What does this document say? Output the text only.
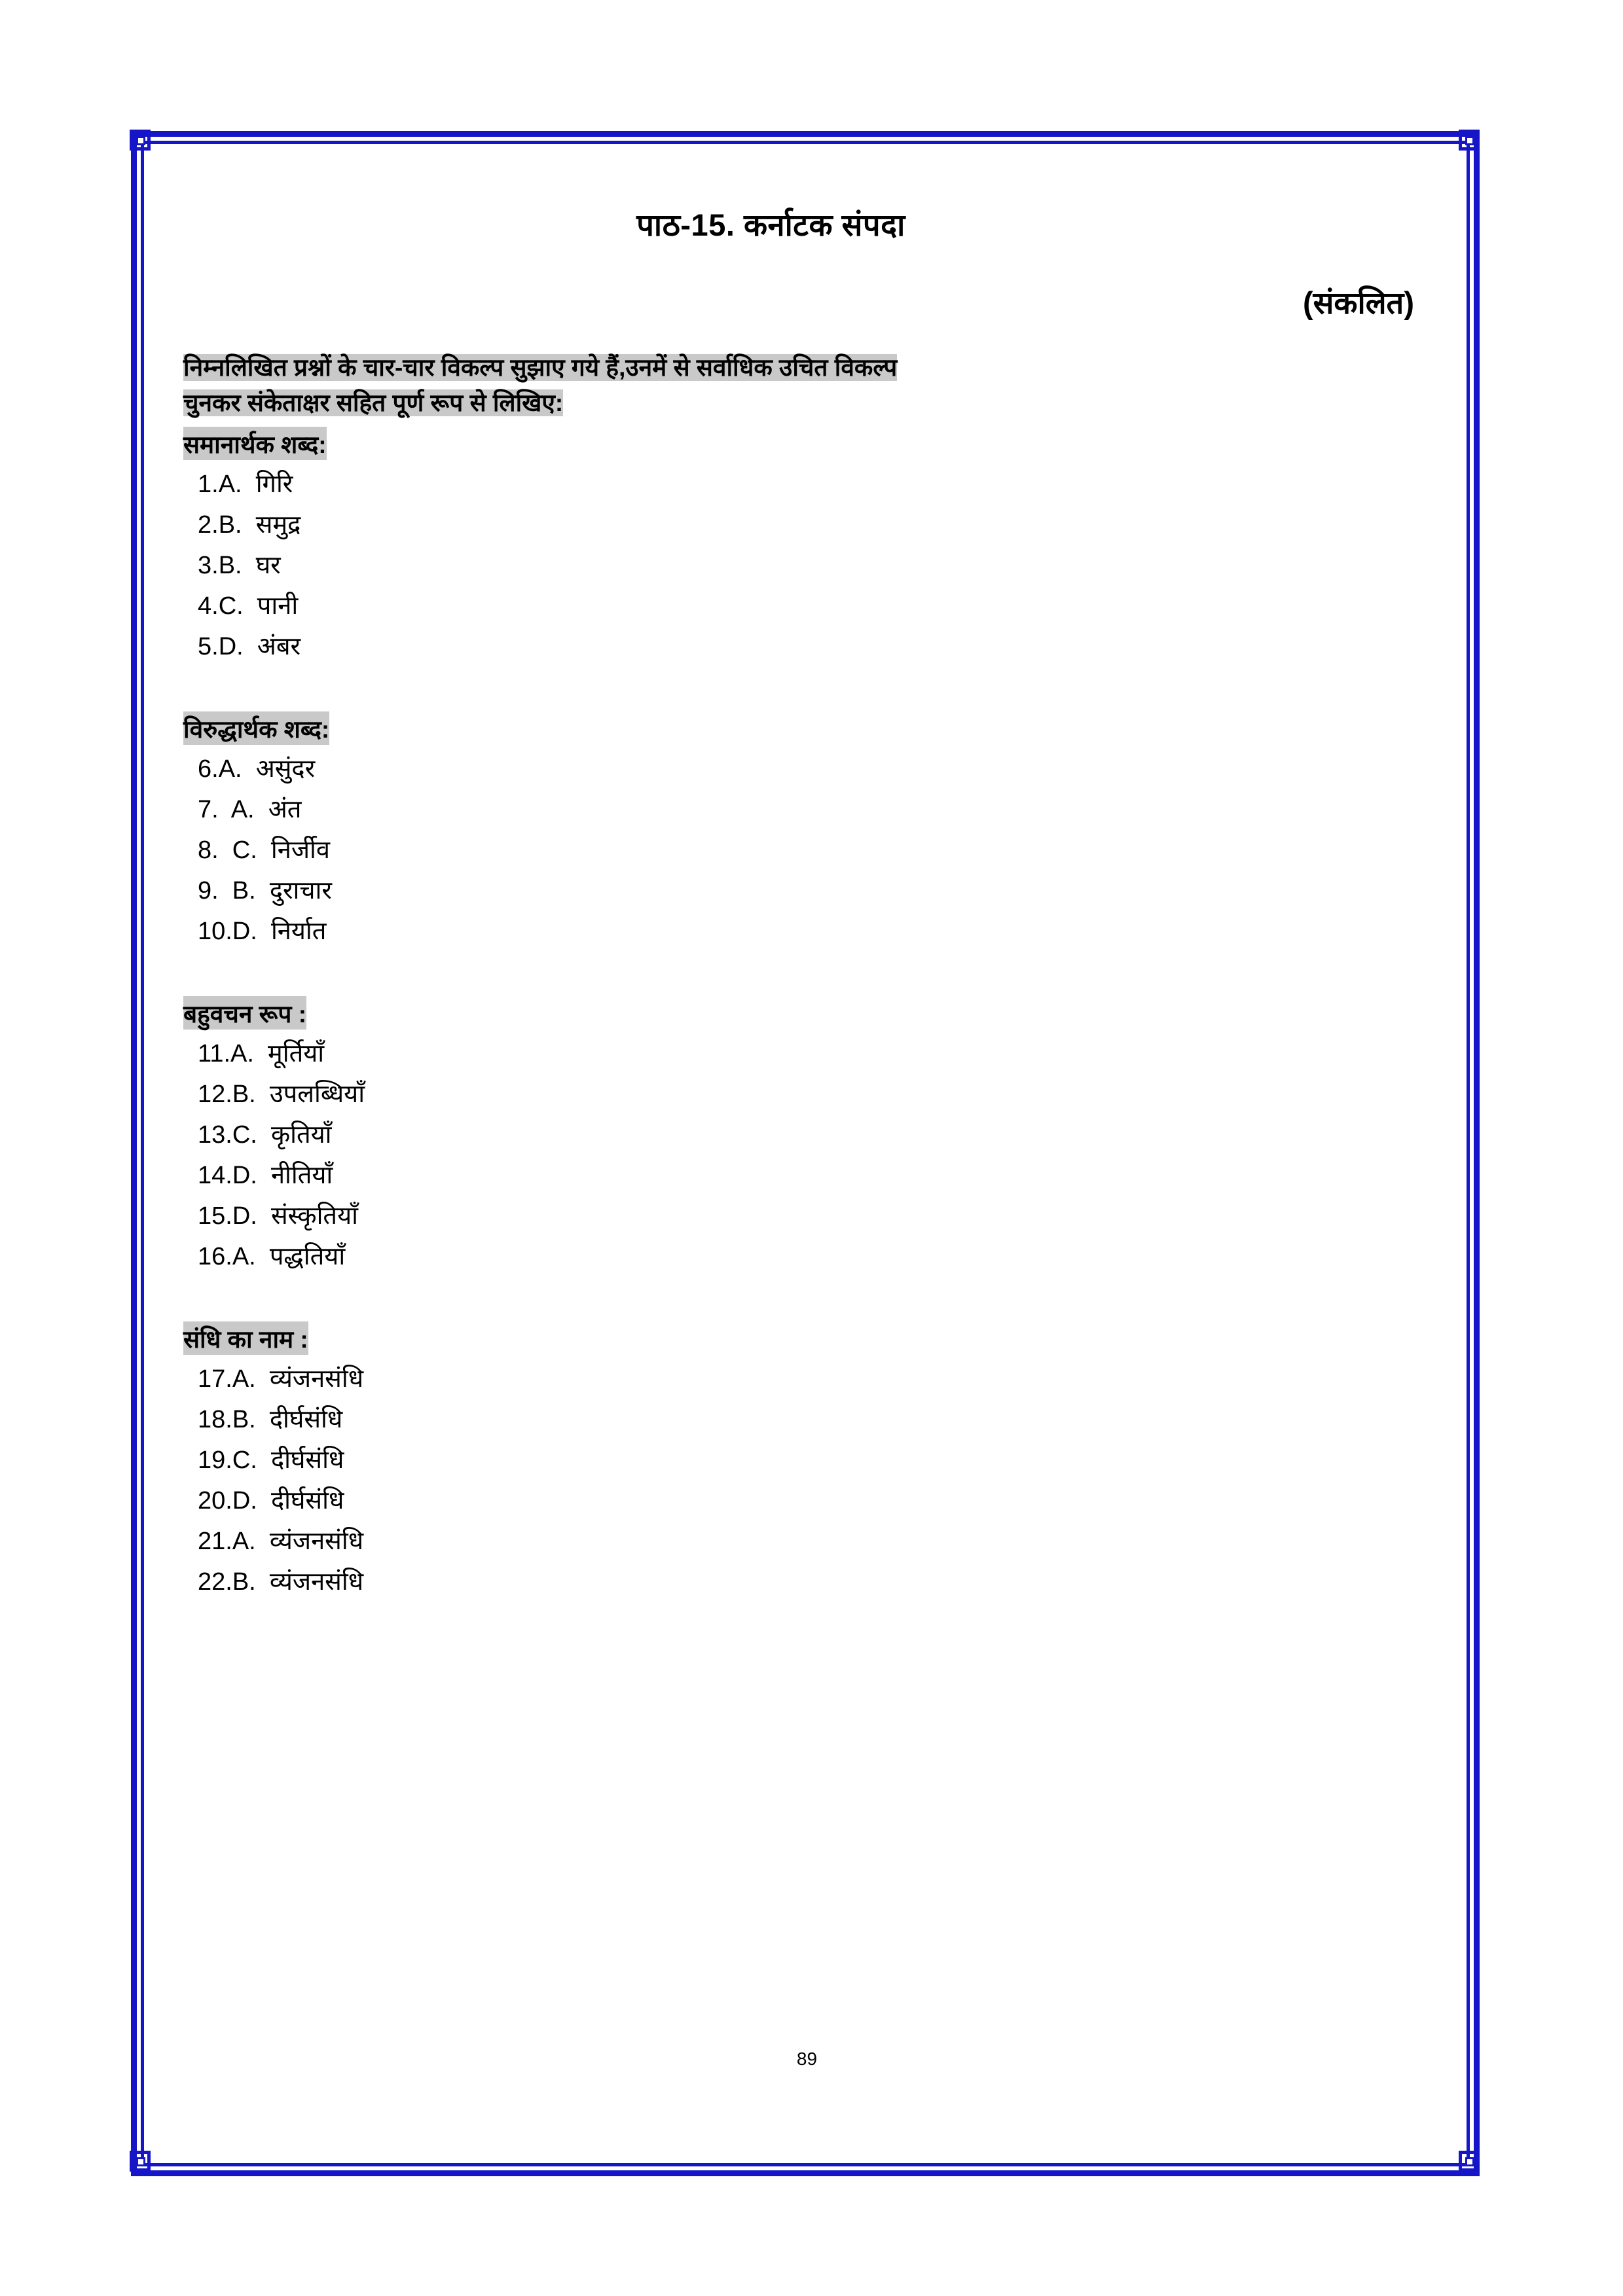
पाठ-15. कर्नाटक संपदा
(संकलित)
निम्नलिखित प्रश्नों के चार-चार विकल्प सुझाए गये हैं,उनमें से सर्वाधिक उचित विकल्प
चुनकर संकेताक्षर सहित पूर्ण रूप से लिखिए:
समानार्थक शब्द:
1.A.  गिरि
2.B.  समुद्र
3.B.  घर
4.C.  पानी
5.D.  अंबर
विरुद्धार्थक शब्द:
6.A.  असुंदर
7.  A.  अंत
8.  C.  निर्जीव
9.  B.  दुराचार
10.D.  निर्यात
बहुवचन रूप :
11.A.  मूर्तियाँ
12.B.  उपलब्धियाँ
13.C.  कृतियाँ
14.D.  नीतियाँ
15.D.  संस्कृतियाँ
16.A.  पद्धतियाँ
संधि का नाम :
17.A.  व्यंजनसंधि
18.B.  दीर्घसंधि
19.C.  दीर्घसंधि
20.D.  दीर्घसंधि
21.A.  व्यंजनसंधि
22.B.  व्यंजनसंधि
89
